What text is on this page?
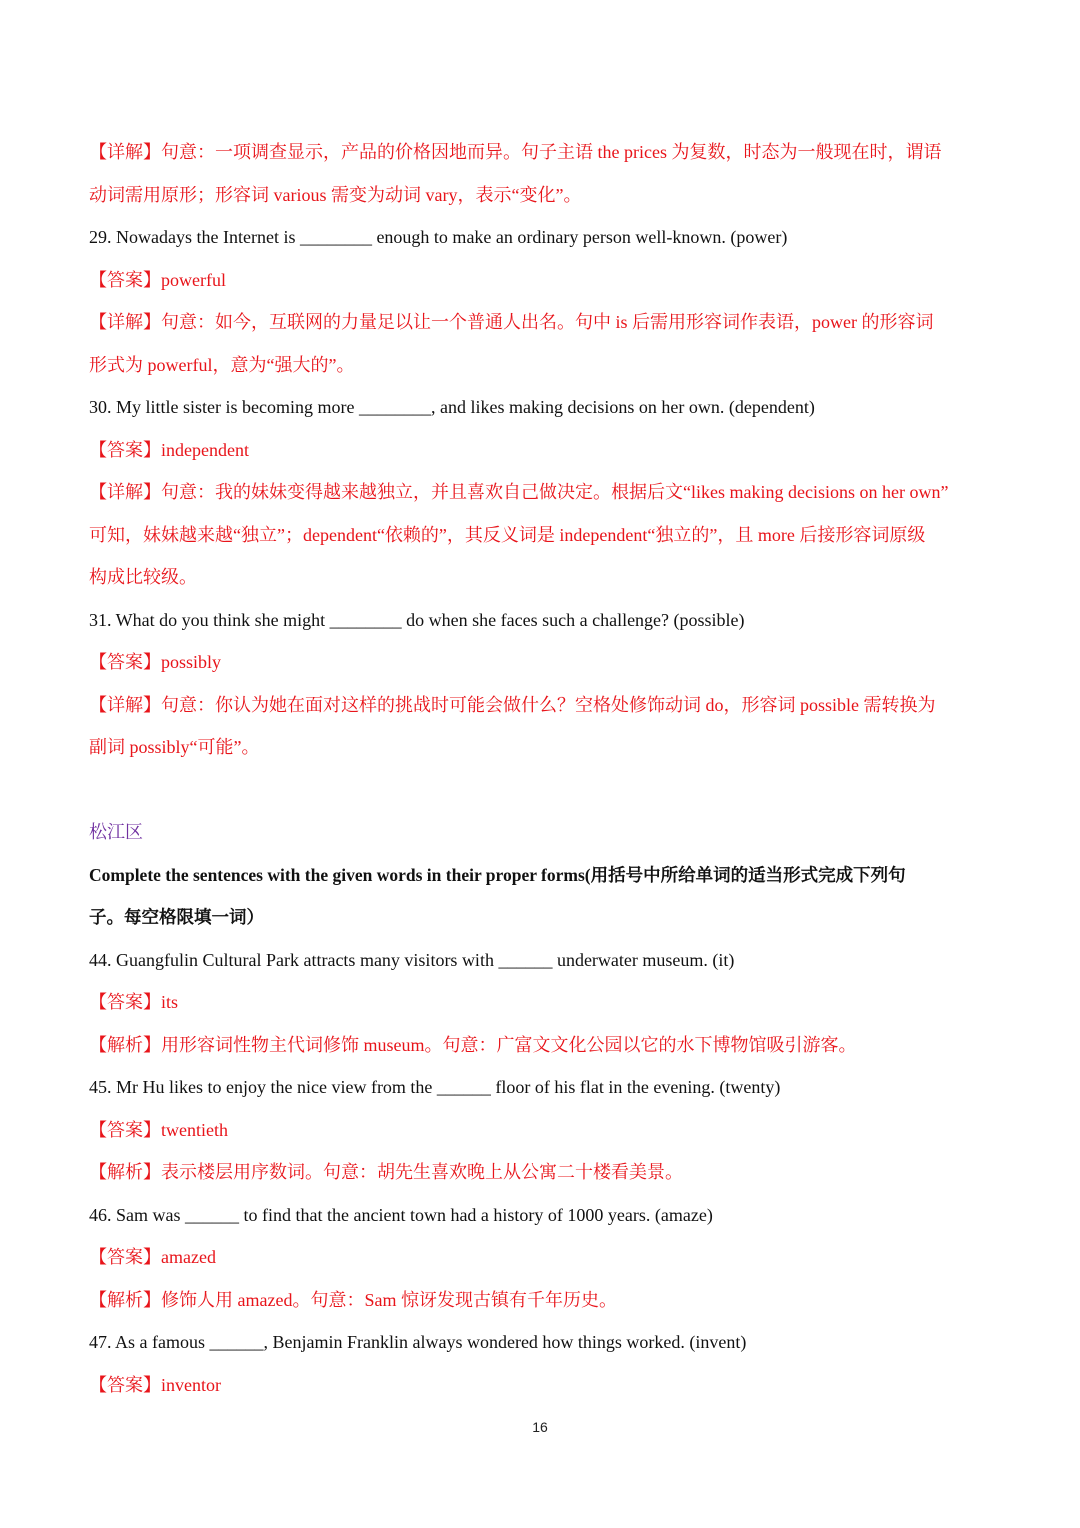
【详解】句意：一项调查显示，产品的价格因地而异。句子主语 the prices 为复数，时态为一般现在时，谓语
动词需用原形；形容词 various 需变为动词 vary，表示“变化”。
29. Nowadays the Internet is ________ enough to make an ordinary person well-known. (power)
【答案】powerful
【详解】句意：如今，互联网的力量足以让一个普通人出名。句中 is 后需用形容词作表语，power 的形容词
形式为 powerful，意为“强大的”。
30. My little sister is becoming more ________, and likes making decisions on her own. (dependent)
【答案】independent
【详解】句意：我的妹妹变得越来越独立，并且喜欢自己做决定。根据后文“likes making decisions on her own”
可知，妹妹越来越“独立”；dependent“依赖的”，其反义词是 independent“独立的”，且 more 后接形容词原级
构成比较级。
31. What do you think she might ________ do when she faces such a challenge? (possible)
【答案】possibly
【详解】句意：你认为她在面对这样的挑战时可能会做什么？空格处修饰动词 do，形容词 possible 需转换为
副词 possibly“可能”。
松江区
Complete the sentences with the given words in their proper forms(用括号中所给单词的适当形式完成下列句
子。每空格限填一词）
44. Guangfulin Cultural Park attracts many visitors with ______ underwater museum. (it)
【答案】its
【解析】用形容词性物主代词修饰 museum。句意：广富文文化公园以它的水下博物馆吸引游客。
45. Mr Hu likes to enjoy the nice view from the ______ floor of his flat in the evening. (twenty)
【答案】twentieth
【解析】表示楼层用序数词。句意：胡先生喜欢晚上从公寓二十楼看美景。
46. Sam was ______ to find that the ancient town had a history of 1000 years. (amaze)
【答案】amazed
【解析】修饰人用 amazed。句意：Sam 惊讶发现古镇有千年历史。
47. As a famous ______, Benjamin Franklin always wondered how things worked. (invent)
【答案】inventor
16
